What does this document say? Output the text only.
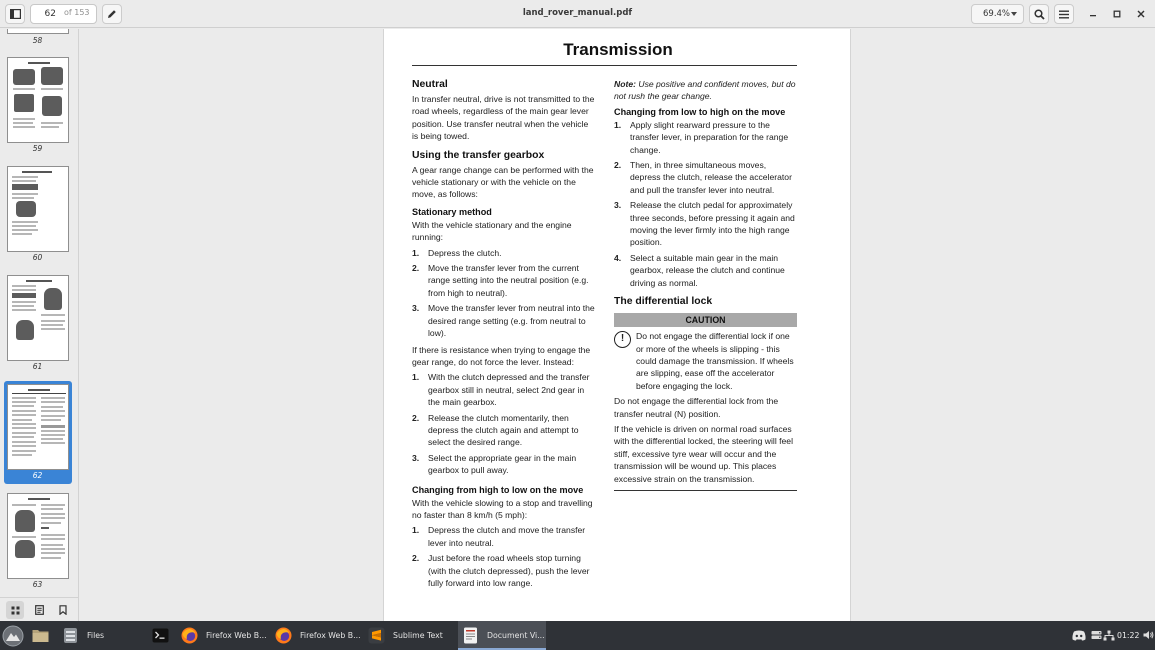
62
of 153	land_rover_manual.pdf	69.4%
58
59
60
61
62
63
Transmission
Neutral
In transfer neutral, drive is not transmitted to the road wheels, regardless of the main gear lever position. Use transfer neutral when the vehicle is being towed.
Using the transfer gearbox
A gear range change can be performed with the vehicle stationary or with the vehicle on the move, as follows:
Stationary method
With the vehicle stationary and the engine running:
1. Depress the clutch.
2. Move the transfer lever from the current range setting into the neutral position (e.g. from high to neutral).
3. Move the transfer lever from neutral into the desired range setting (e.g. from neutral to low).
If there is resistance when trying to engage the gear range, do not force the lever. Instead:
1. With the clutch depressed and the transfer gearbox still in neutral, select 2nd gear in the main gearbox.
2. Release the clutch momentarily, then depress the clutch again and attempt to select the desired range.
3. Select the appropriate gear in the main gearbox to pull away.
Changing from high to low on the move
With the vehicle slowing to a stop and travelling no faster than 8 km/h (5 mph):
1. Depress the clutch and move the transfer lever into neutral.
2. Just before the road wheels stop turning (with the clutch depressed), push the lever fully forward into low range.
Note: Use positive and confident moves, but do not rush the gear change.
Changing from low to high on the move
1. Apply slight rearward pressure to the transfer lever, in preparation for the range change.
2. Then, in three simultaneous moves, depress the clutch, release the accelerator and pull the transfer lever into neutral.
3. Release the clutch pedal for approximately three seconds, before pressing it again and moving the lever firmly into the high range position.
4. Select a suitable main gear in the main gearbox, release the clutch and continue driving as normal.
The differential lock
CAUTION
!	Do not engage the differential lock if one or more of the wheels is slipping - this could damage the transmission. If wheels are slipping, ease off the accelerator before engaging the lock.
Do not engage the differential lock from the transfer neutral (N) position.
If the vehicle is driven on normal road surfaces with the differential locked, the steering will feel stiff, excessive tyre wear will occur and the transmission will be wound up. This places excessive strain on the transmission.
Files	Firefox Web B...	Firefox Web B...	Sublime Text	Document Vi...	01:22
